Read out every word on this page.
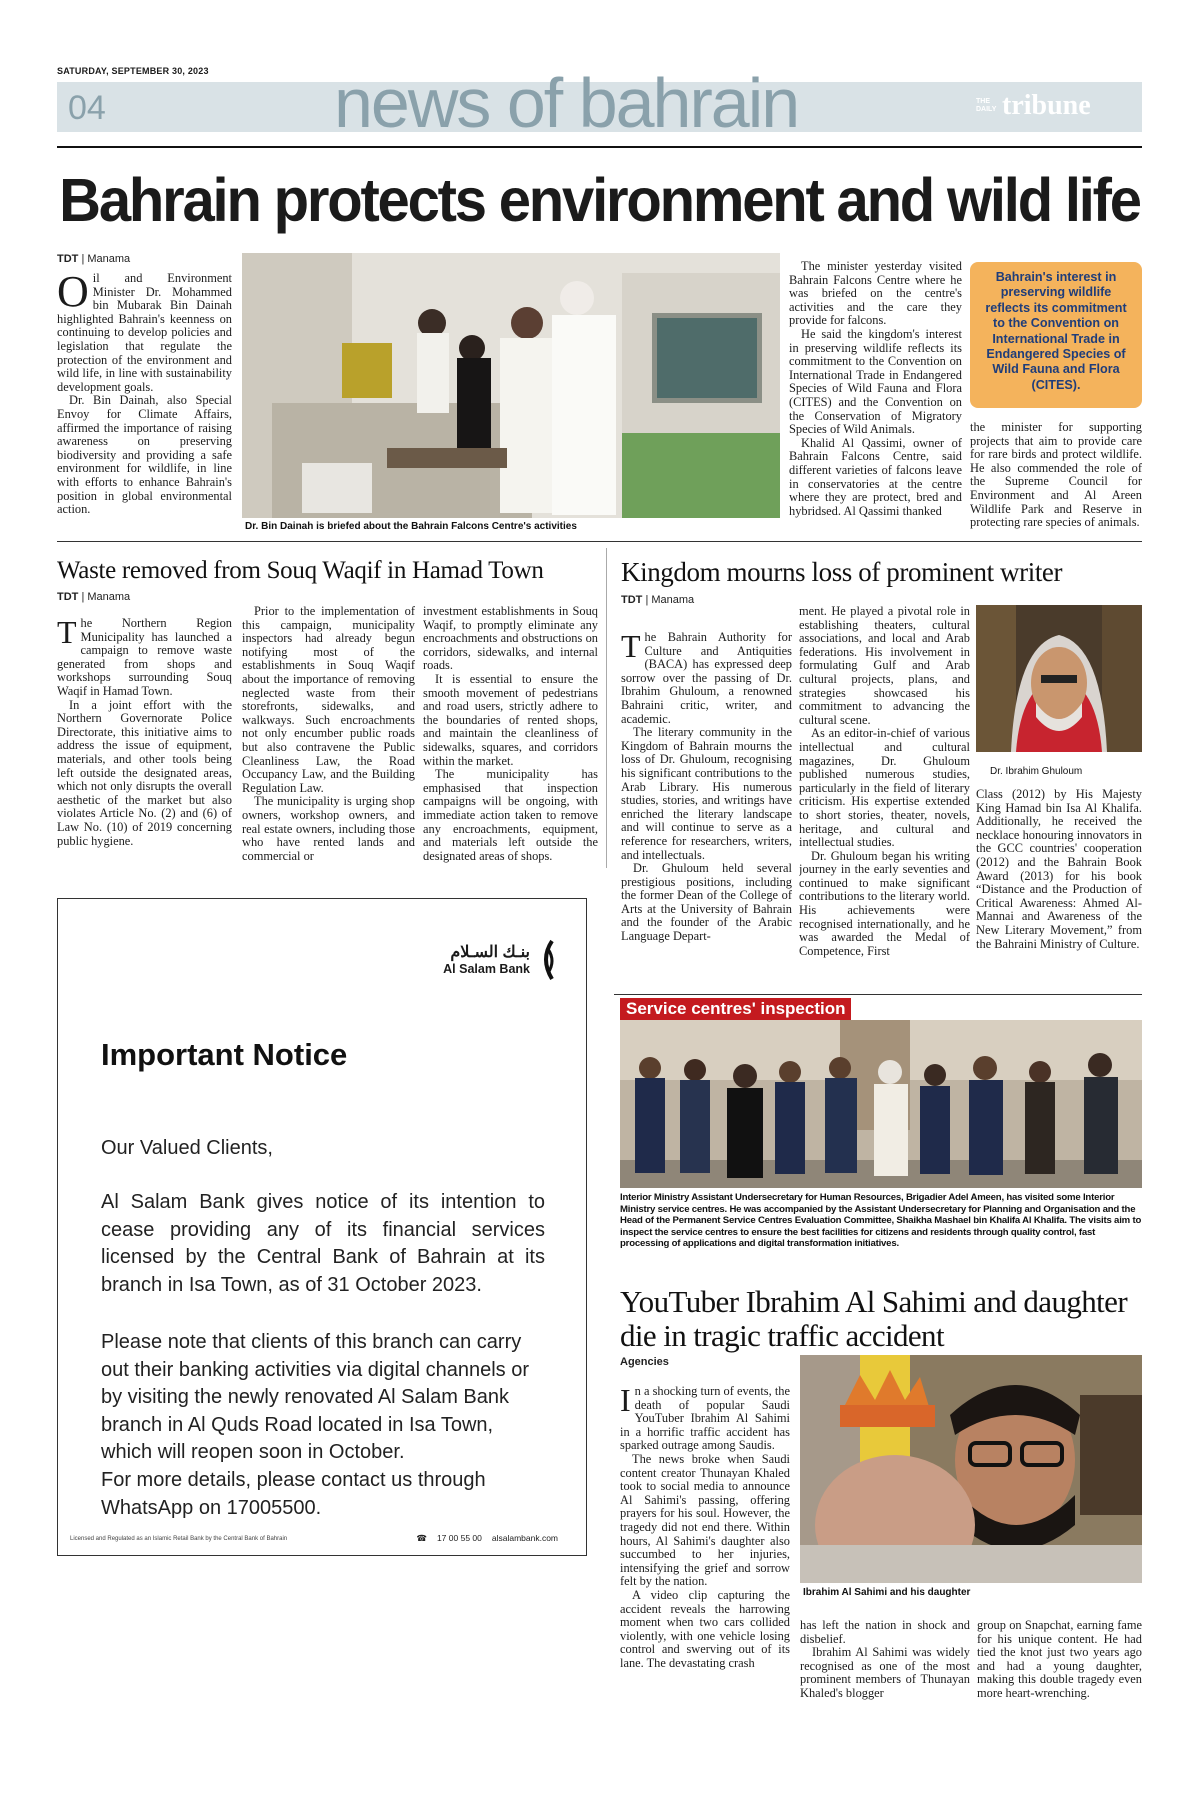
SATURDAY, SEPTEMBER 30, 2023
04	news of bahrain	THE DAILY tribune
Bahrain protects environment and wild life
TDT | Manama

Oil and Environment Minister Dr. Mohammed bin Mubarak Bin Dainah highlighted Bahrain's keenness on continuing to develop policies and legislation that regulate the protection of the environment and wild life, in line with sustainability development goals.

Dr. Bin Dainah, also Special Envoy for Climate Affairs, affirmed the importance of raising awareness on preserving biodiversity and providing a safe environment for wildlife, in line with efforts to enhance Bahrain's position in global environmental action.

Dr. Bin Dainah is briefed about the Bahrain Falcons Centre's activities

The minister yesterday visited Bahrain Falcons Centre where he was briefed on the centre's activities and the care they provide for falcons.

He said the kingdom's interest in preserving wildlife reflects its commitment to the Convention on International Trade in Endangered Species of Wild Fauna and Flora (CITES) and the Convention on the Conservation of Migratory Species of Wild Animals.

Khalid Al Qassimi, owner of Bahrain Falcons Centre, said different varieties of falcons leave in conservatories at the centre where they are protect, bred and hybridsed. Al Qassimi thanked

Bahrain's interest in preserving wildlife reflects its commitment to the Convention on International Trade in Endangered Species of Wild Fauna and Flora (CITES).

the minister for supporting projects that aim to provide care for rare birds and protect wildlife. He also commended the role of the Supreme Council for Environment and Al Areen Wildlife Park and Reserve in protecting rare species of animals.

Waste removed from Souq Waqif in Hamad Town
TDT | Manama

The Northern Region Municipality has launched a campaign to remove waste generated from shops and workshops surrounding Souq Waqif in Hamad Town.

In a joint effort with the Northern Governorate Police Directorate, this initiative aims to address the issue of equipment, materials, and other tools being left outside the designated areas, which not only disrupts the overall aesthetic of the market but also violates Article No. (2) and (6) of Law No. (10) of 2019 concerning public hygiene.

Prior to the implementation of this campaign, municipality inspectors had already begun notifying most of the establishments in Souq Waqif about the importance of removing neglected waste from their storefronts, sidewalks, and walkways. Such encroachments not only encumber public roads but also contravene the Public Cleanliness Law, the Road Occupancy Law, and the Building Regulation Law.

The municipality is urging shop owners, workshop owners, and real estate owners, including those who have rented lands and commercial or

investment establishments in Souq Waqif, to promptly eliminate any encroachments and obstructions on corridors, sidewalks, and internal roads.

It is essential to ensure the smooth movement of pedestrians and road users, strictly adhere to the boundaries of rented shops, and maintain the cleanliness of sidewalks, squares, and corridors within the market.

The municipality has emphasised that inspection campaigns will be ongoing, with immediate action taken to remove any encroachments, equipment, and materials left outside the designated areas of shops.

Kingdom mourns loss of prominent writer
TDT | Manama

The Bahrain Authority for Culture and Antiquities (BACA) has expressed deep sorrow over the passing of Dr. Ibrahim Ghuloum, a renowned Bahraini critic, writer, and academic.

The literary community in the Kingdom of Bahrain mourns the loss of Dr. Ghuloum, recognising his significant contributions to the Arab Library. His numerous studies, stories, and writings have enriched the literary landscape and will continue to serve as a reference for researchers, writers, and intellectuals.

Dr. Ghuloum held several prestigious positions, including the former Dean of the College of Arts at the University of Bahrain and the founder of the Arabic Language Depart-

ment. He played a pivotal role in establishing theaters, cultural associations, and local and Arab federations. His involvement in formulating Gulf and Arab cultural projects, plans, and strategies showcased his commitment to advancing the cultural scene.

As an editor-in-chief of various intellectual and cultural magazines, Dr. Ghuloum published numerous studies, particularly in the field of literary criticism. His expertise extended to short stories, theater, novels, heritage, and cultural and intellectual studies.

Dr. Ghuloum began his writing journey in the early seventies and continued to make significant contributions to the literary world. His achievements were recognised internationally, and he was awarded the Medal of Competence, First

Dr. Ibrahim Ghuloum

Class (2012) by His Majesty King Hamad bin Isa Al Khalifa. Additionally, he received the necklace honouring innovators in the GCC countries' cooperation (2012) and the Bahrain Book Award (2013) for his book “Distance and the Production of Critical Awareness: Ahmed Al-Mannai and Awareness of the New Literary Movement,” from the Bahraini Ministry of Culture.

بنـك السـلام
Al Salam Bank
Important Notice
Our Valued Clients,
Al Salam Bank gives notice of its intention to cease providing any of its financial services licensed by the Central Bank of Bahrain at its branch in Isa Town, as of 31 October 2023.
Please note that clients of this branch can carry out their banking activities via digital channels or by visiting the newly renovated Al Salam Bank branch in Al Quds Road located in Isa Town, which will reopen soon in October.
For more details, please contact us through WhatsApp on 17005500.
Licensed and Regulated as an Islamic Retail Bank by the Central Bank of Bahrain	☎ 17 00 55 00 alsalambank.com
Service centres' inspection
Interior Ministry Assistant Undersecretary for Human Resources, Brigadier Adel Ameen, has visited some Interior Ministry service centres. He was accompanied by the Assistant Undersecretary for Planning and Organisation and the Head of the Permanent Service Centres Evaluation Committee, Shaikha Mashael bin Khalifa Al Khalifa. The visits aim to inspect the service centres to ensure the best facilities for citizens and residents through quality control, fast processing of applications and digital transformation initiatives.
YouTuber Ibrahim Al Sahimi and daughter die in tragic traffic accident
Agencies

In a shocking turn of events, the death of popular Saudi YouTuber Ibrahim Al Sahimi in a horrific traffic accident has sparked outrage among Saudis.

The news broke when Saudi content creator Thunayan Khaled took to social media to announce Al Sahimi's passing, offering prayers for his soul. However, the tragedy did not end there. Within hours, Al Sahimi's daughter also succumbed to her injuries, intensifying the grief and sorrow felt by the nation.

A video clip capturing the accident reveals the harrowing moment when two cars collided violently, with one vehicle losing control and swerving out of its lane. The devastating crash

Ibrahim Al Sahimi and his daughter

has left the nation in shock and disbelief.

Ibrahim Al Sahimi was widely recognised as one of the most prominent members of Thunayan Khaled's blogger

group on Snapchat, earning fame for his unique content. He had tied the knot just two years ago and had a young daughter, making this double tragedy even more heart-wrenching.
